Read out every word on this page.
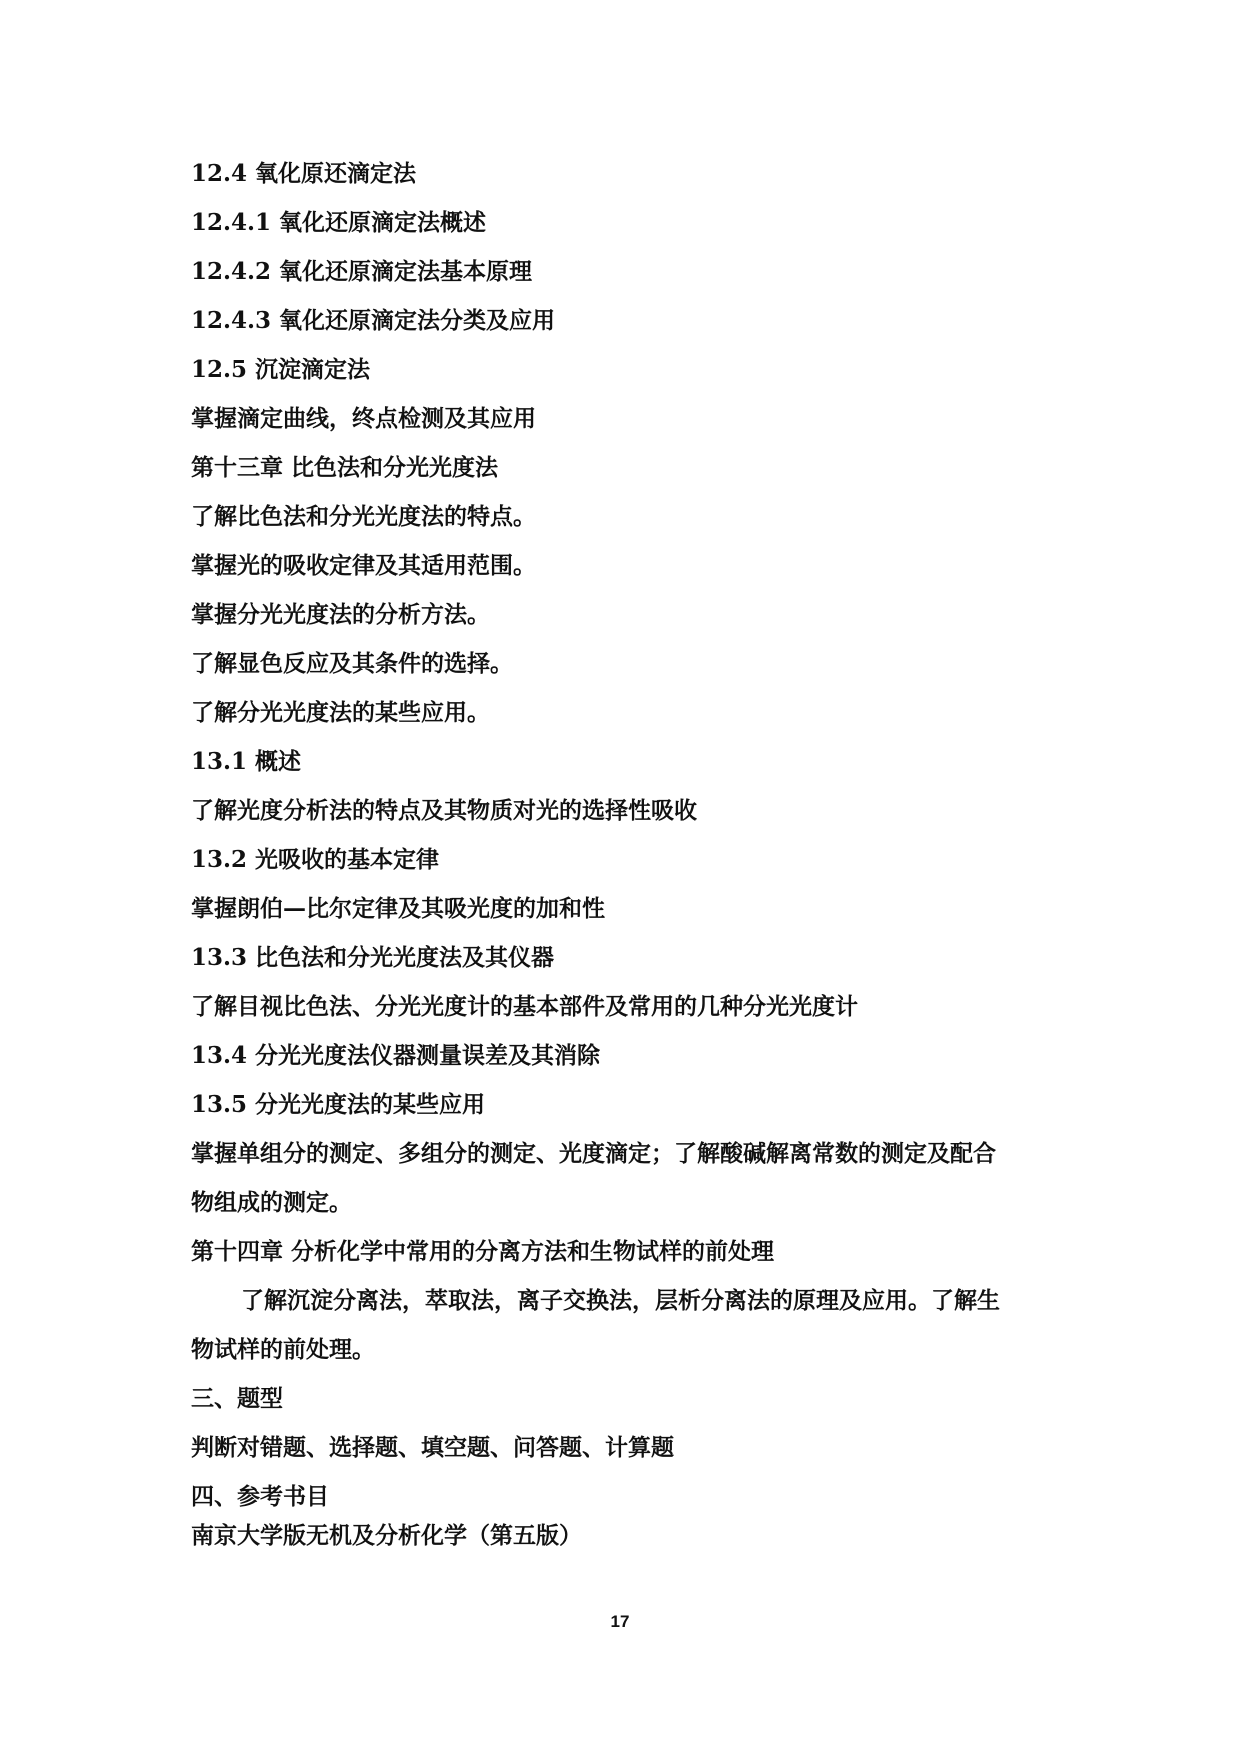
12.4 氧化原还滴定法
12.4.1 氧化还原滴定法概述
12.4.2 氧化还原滴定法基本原理
12.4.3 氧化还原滴定法分类及应用
12.5 沉淀滴定法
掌握滴定曲线，终点检测及其应用
第十三章 比色法和分光光度法
了解比色法和分光光度法的特点。
掌握光的吸收定律及其适用范围。
掌握分光光度法的分析方法。
了解显色反应及其条件的选择。
了解分光光度法的某些应用。
13.1 概述
了解光度分析法的特点及其物质对光的选择性吸收
13.2 光吸收的基本定律
掌握朗伯—比尔定律及其吸光度的加和性
13.3 比色法和分光光度法及其仪器
了解目视比色法、分光光度计的基本部件及常用的几种分光光度计
13.4 分光光度法仪器测量误差及其消除
13.5 分光光度法的某些应用
掌握单组分的测定、多组分的测定、光度滴定；了解酸碱解离常数的测定及配合
物组成的测定。
第十四章 分析化学中常用的分离方法和生物试样的前处理
了解沉淀分离法，萃取法，离子交换法，层析分离法的原理及应用。了解生
物试样的前处理。
三、题型
判断对错题、选择题、填空题、问答题、计算题
四、参考书目
南京大学版无机及分析化学（第五版）
17
